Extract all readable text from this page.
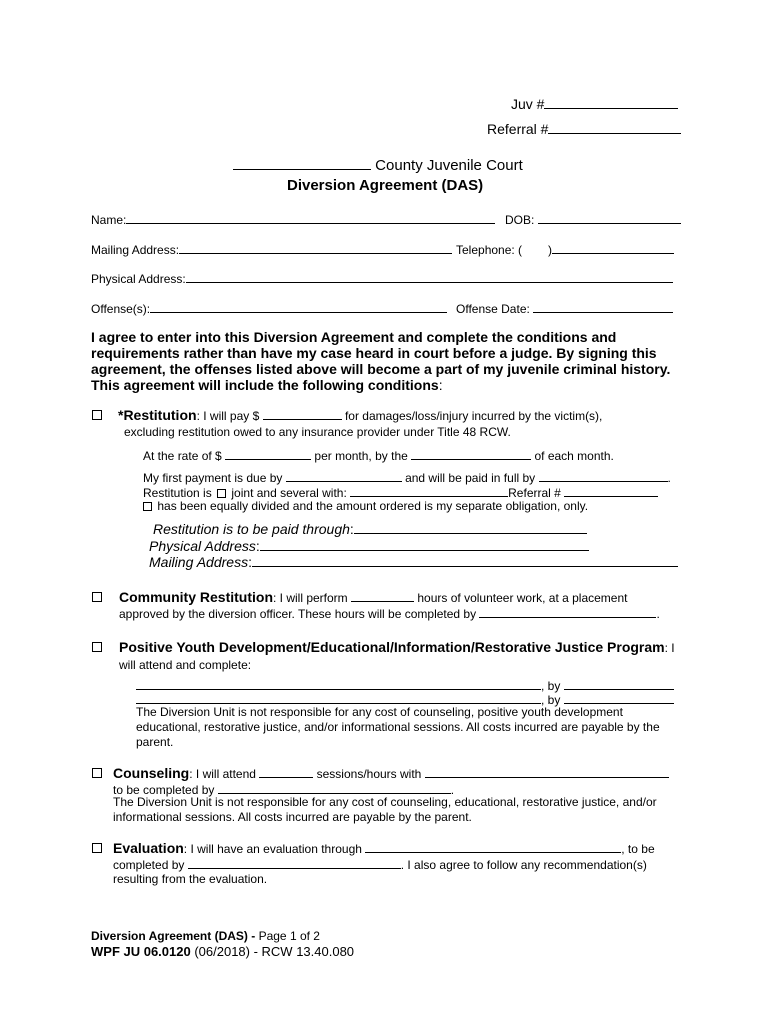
Juv #
Referral #
County Juvenile Court
Diversion Agreement (DAS)
Name:	DOB:
Mailing Address:	Telephone: ( )
Physical Address:
Offense(s):	Offense Date:
I agree to enter into this Diversion Agreement and complete the conditions and requirements rather than have my case heard in court before a judge. By signing this agreement, the offenses listed above will become a part of my juvenile criminal history. This agreement will include the following conditions:
*Restitution: I will pay $	for damages/loss/injury incurred by the victim(s),
excluding restitution owed to any insurance provider under Title 48 RCW.
At the rate of $	per month, by the	of each month.
My first payment is due by	and will be paid in full by	.
Restitution is joint and several with:	Referral #
has been equally divided and the amount ordered is my separate obligation, only.
Restitution is to be paid through:
Physical Address:
Mailing Address:
Community Restitution: I will perform	hours of volunteer work, at a placement
approved by the diversion officer. These hours will be completed by	.
Positive Youth Development/Educational/Information/Restorative Justice Program: I
will attend and complete:
, by
, by
The Diversion Unit is not responsible for any cost of counseling, positive youth development educational, restorative justice, and/or informational sessions. All costs incurred are payable by the parent.
Counseling: I will attend	sessions/hours with
to be completed by	.
The Diversion Unit is not responsible for any cost of counseling, educational, restorative justice, and/or informational sessions. All costs incurred are payable by the parent.
Evaluation: I will have an evaluation through	, to be
completed by	. I also agree to follow any recommendation(s)
resulting from the evaluation.
Diversion Agreement (DAS) - Page 1 of 2
WPF JU 06.0120 (06/2018) - RCW 13.40.080
